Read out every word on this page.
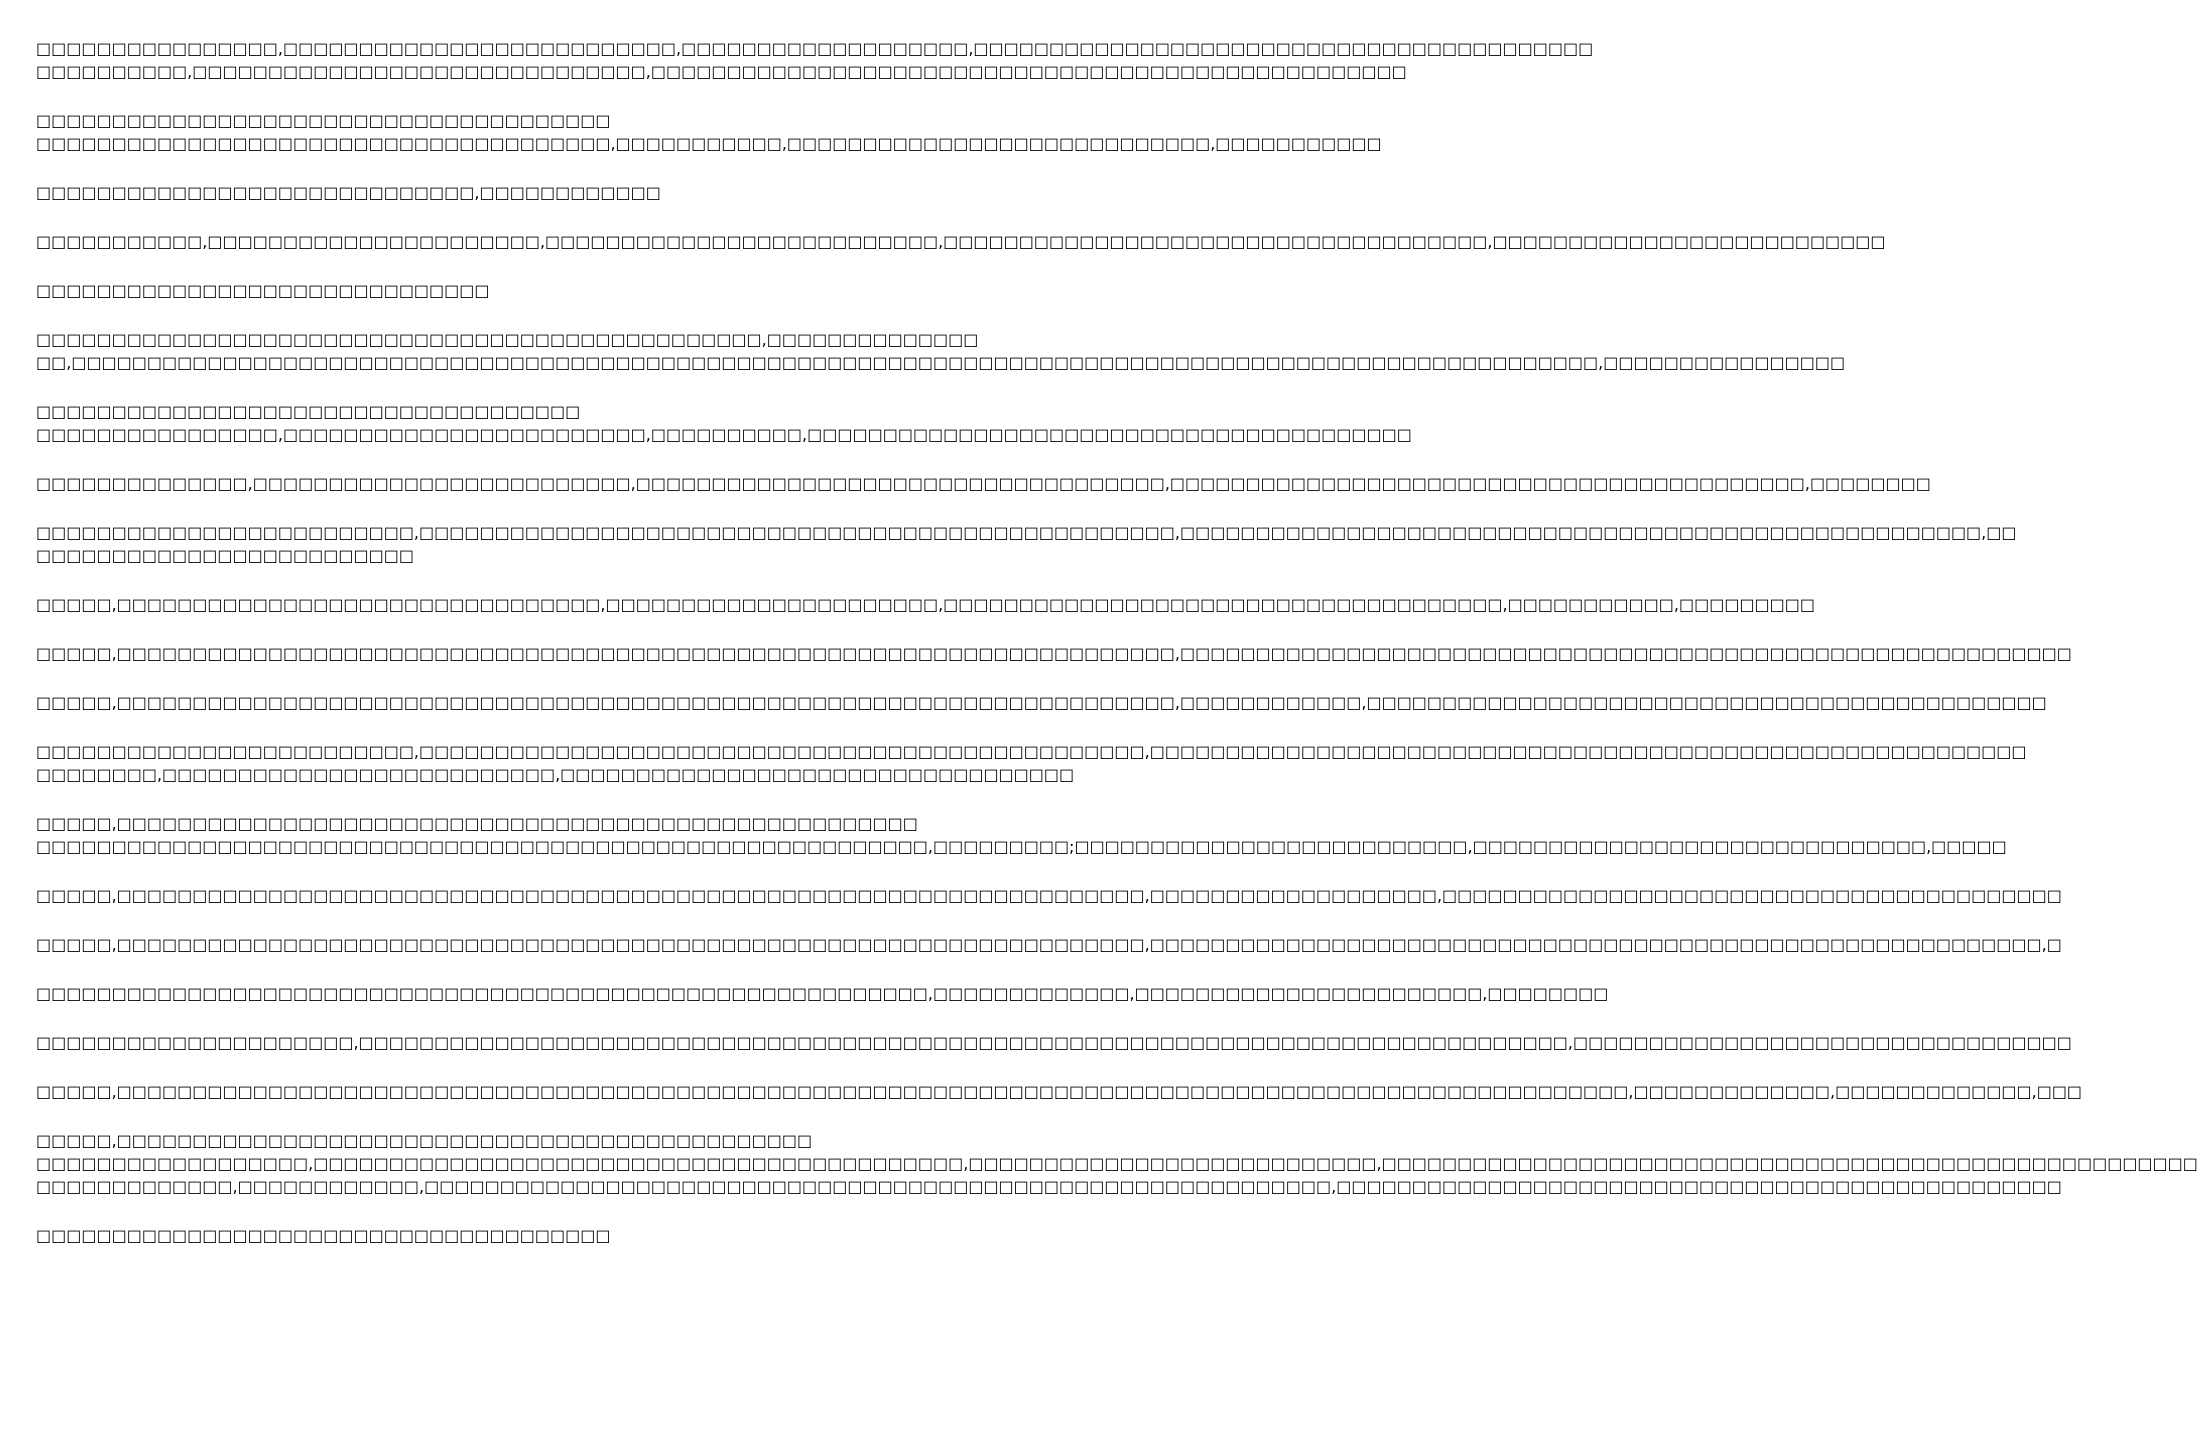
□□□□□□□□□□□□□□□□,□□□□□□□□□□□□□□□□□□□□□□□□□□,□□□□□□□□□□□□□□□□□□□,□□□□□□□□□□□□□□□□□□□□□□□□□□□□□□□□□□□□□□□□□
□□□□□□□□□□,□□□□□□□□□□□□□□□□□□□□□□□□□□□□□□,□□□□□□□□□□□□□□□□□□□□□□□□□□□□□□□□□□□□□□□□□□□□□□□□□□
□□□□□□□□□□□□□□□□□□□□□□□□□□□□□□□□□□□□□□
□□□□□□□□□□□□□□□□□□□□□□□□□□□□□□□□□□□□□□,□□□□□□□□□□□,□□□□□□□□□□□□□□□□□□□□□□□□□□□□,□□□□□□□□□□□
□□□□□□□□□□□□□□□□□□□□□□□□□□□□□,□□□□□□□□□□□□
□□□□□□□□□□□,□□□□□□□□□□□□□□□□□□□□□□,□□□□□□□□□□□□□□□□□□□□□□□□□□,□□□□□□□□□□□□□□□□□□□□□□□□□□□□□□□□□□□□,□□□□□□□□□□□□□□□□□□□□□□□□□□
□□□□□□□□□□□□□□□□□□□□□□□□□□□□□□
□□□□□□□□□□□□□□□□□□□□□□□□□□□□□□□□□□□□□□□□□□□□□□□□,□□□□□□□□□□□□□□
□□,□□□□□□□□□□□□□□□□□□□□□□□□□□□□□□□□□□□□□□□□□□□□□□□□□□□□□□□□□□□□□□□□□□□□□□□□□□□□□□□□□□□□□□□□□□□□□□□□□□□□□,□□□□□□□□□□□□□□□□
□□□□□□□□□□□□□□□□□□□□□□□□□□□□□□□□□□□□
□□□□□□□□□□□□□□□□,□□□□□□□□□□□□□□□□□□□□□□□□,□□□□□□□□□□,□□□□□□□□□□□□□□□□□□□□□□□□□□□□□□□□□□□□□□□□
□□□□□□□□□□□□□□,□□□□□□□□□□□□□□□□□□□□□□□□□,□□□□□□□□□□□□□□□□□□□□□□□□□□□□□□□□□□□,□□□□□□□□□□□□□□□□□□□□□□□□□□□□□□□□□□□□□□□□□□,□□□□□□□□
□□□□□□□□□□□□□□□□□□□□□□□□□,□□□□□□□□□□□□□□□□□□□□□□□□□□□□□□□□□□□□□□□□□□□□□□□□□□,□□□□□□□□□□□□□□□□□□□□□□□□□□□□□□□□□□□□□□□□□□□□□□□□□□□□□,□□
□□□□□□□□□□□□□□□□□□□□□□□□□
□□□□□,□□□□□□□□□□□□□□□□□□□□□□□□□□□□□□□□,□□□□□□□□□□□□□□□□□□□□□□,□□□□□□□□□□□□□□□□□□□□□□□□□□□□□□□□□□□□□,□□□□□□□□□□□,□□□□□□□□□
□□□□□,□□□□□□□□□□□□□□□□□□□□□□□□□□□□□□□□□□□□□□□□□□□□□□□□□□□□□□□□□□□□□□□□□□□□□□,□□□□□□□□□□□□□□□□□□□□□□□□□□□□□□□□□□□□□□□□□□□□□□□□□□□□□□□□□□□
□□□□□,□□□□□□□□□□□□□□□□□□□□□□□□□□□□□□□□□□□□□□□□□□□□□□□□□□□□□□□□□□□□□□□□□□□□□□,□□□□□□□□□□□□,□□□□□□□□□□□□□□□□□□□□□□□□□□□□□□□□□□□□□□□□□□□□□
□□□□□□□□□□□□□□□□□□□□□□□□□,□□□□□□□□□□□□□□□□□□□□□□□□□□□□□□□□□□□□□□□□□□□□□□□□,□□□□□□□□□□□□□□□□□□□□□□□□□□□□□□□□□□□□□□□□□□□□□□□□□□□□□□□□□□
□□□□□□□□,□□□□□□□□□□□□□□□□□□□□□□□□□□,□□□□□□□□□□□□□□□□□□□□□□□□□□□□□□□□□□
□□□□□,□□□□□□□□□□□□□□□□□□□□□□□□□□□□□□□□□□□□□□□□□□□□□□□□□□□□□
□□□□□□□□□□□□□□□□□□□□□□□□□□□□□□□□□□□□□□□□□□□□□□□□□□□□□□□□□□□,□□□□□□□□□;□□□□□□□□□□□□□□□□□□□□□□□□□□,□□□□□□□□□□□□□□□□□□□□□□□□□□□□□□,□□□□□
□□□□□,□□□□□□□□□□□□□□□□□□□□□□□□□□□□□□□□□□□□□□□□□□□□□□□□□□□□□□□□□□□□□□□□□□□□,□□□□□□□□□□□□□□□□□□□,□□□□□□□□□□□□□□□□□□□□□□□□□□□□□□□□□□□□□□□□□
□□□□□,□□□□□□□□□□□□□□□□□□□□□□□□□□□□□□□□□□□□□□□□□□□□□□□□□□□□□□□□□□□□□□□□□□□□,□□□□□□□□□□□□□□□□□□□□□□□□□□□□□□□□□□□□□□□□□□□□□□□□□□□□□□□□□□□,□
□□□□□□□□□□□□□□□□□□□□□□□□□□□□□□□□□□□□□□□□□□□□□□□□□□□□□□□□□□□,□□□□□□□□□□□□□,□□□□□□□□□□□□□□□□□□□□□□□,□□□□□□□□
□□□□□□□□□□□□□□□□□□□□□,□□□□□□□□□□□□□□□□□□□□□□□□□□□□□□□□□□□□□□□□□□□□□□□□□□□□□□□□□□□□□□□□□□□□□□□□□□□□□□□□,□□□□□□□□□□□□□□□□□□□□□□□□□□□□□□□□□
□□□□□,□□□□□□□□□□□□□□□□□□□□□□□□□□□□□□□□□□□□□□□□□□□□□□□□□□□□□□□□□□□□□□□□□□□□□□□□□□□□□□□□□□□□□□□□□□□□□□□□□□□□,□□□□□□□□□□□□□,□□□□□□□□□□□□□,□□□
□□□□□,□□□□□□□□□□□□□□□□□□□□□□□□□□□□□□□□□□□□□□□□□□□□□□
□□□□□□□□□□□□□□□□□□,□□□□□□□□□□□□□□□□□□□□□□□□□□□□□□□□□□□□□□□□□□□,□□□□□□□□□□□□□□□□□□□□□□□□□□□,□□□□□□□□□□□□□□□□□□□□□□□□□□□□□□□□□□□□□□□□□□□□□□□□□□□□□□
□□□□□□□□□□□□□,□□□□□□□□□□□□,□□□□□□□□□□□□□□□□□□□□□□□□□□□□□□□□□□□□□□□□□□□□□□□□□□□□□□□□□□□□,□□□□□□□□□□□□□□□□□□□□□□□□□□□□□□□□□□□□□□□□□□□□□□□□
□□□□□□□□□□□□□□□□□□□□□□□□□□□□□□□□□□□□□□
